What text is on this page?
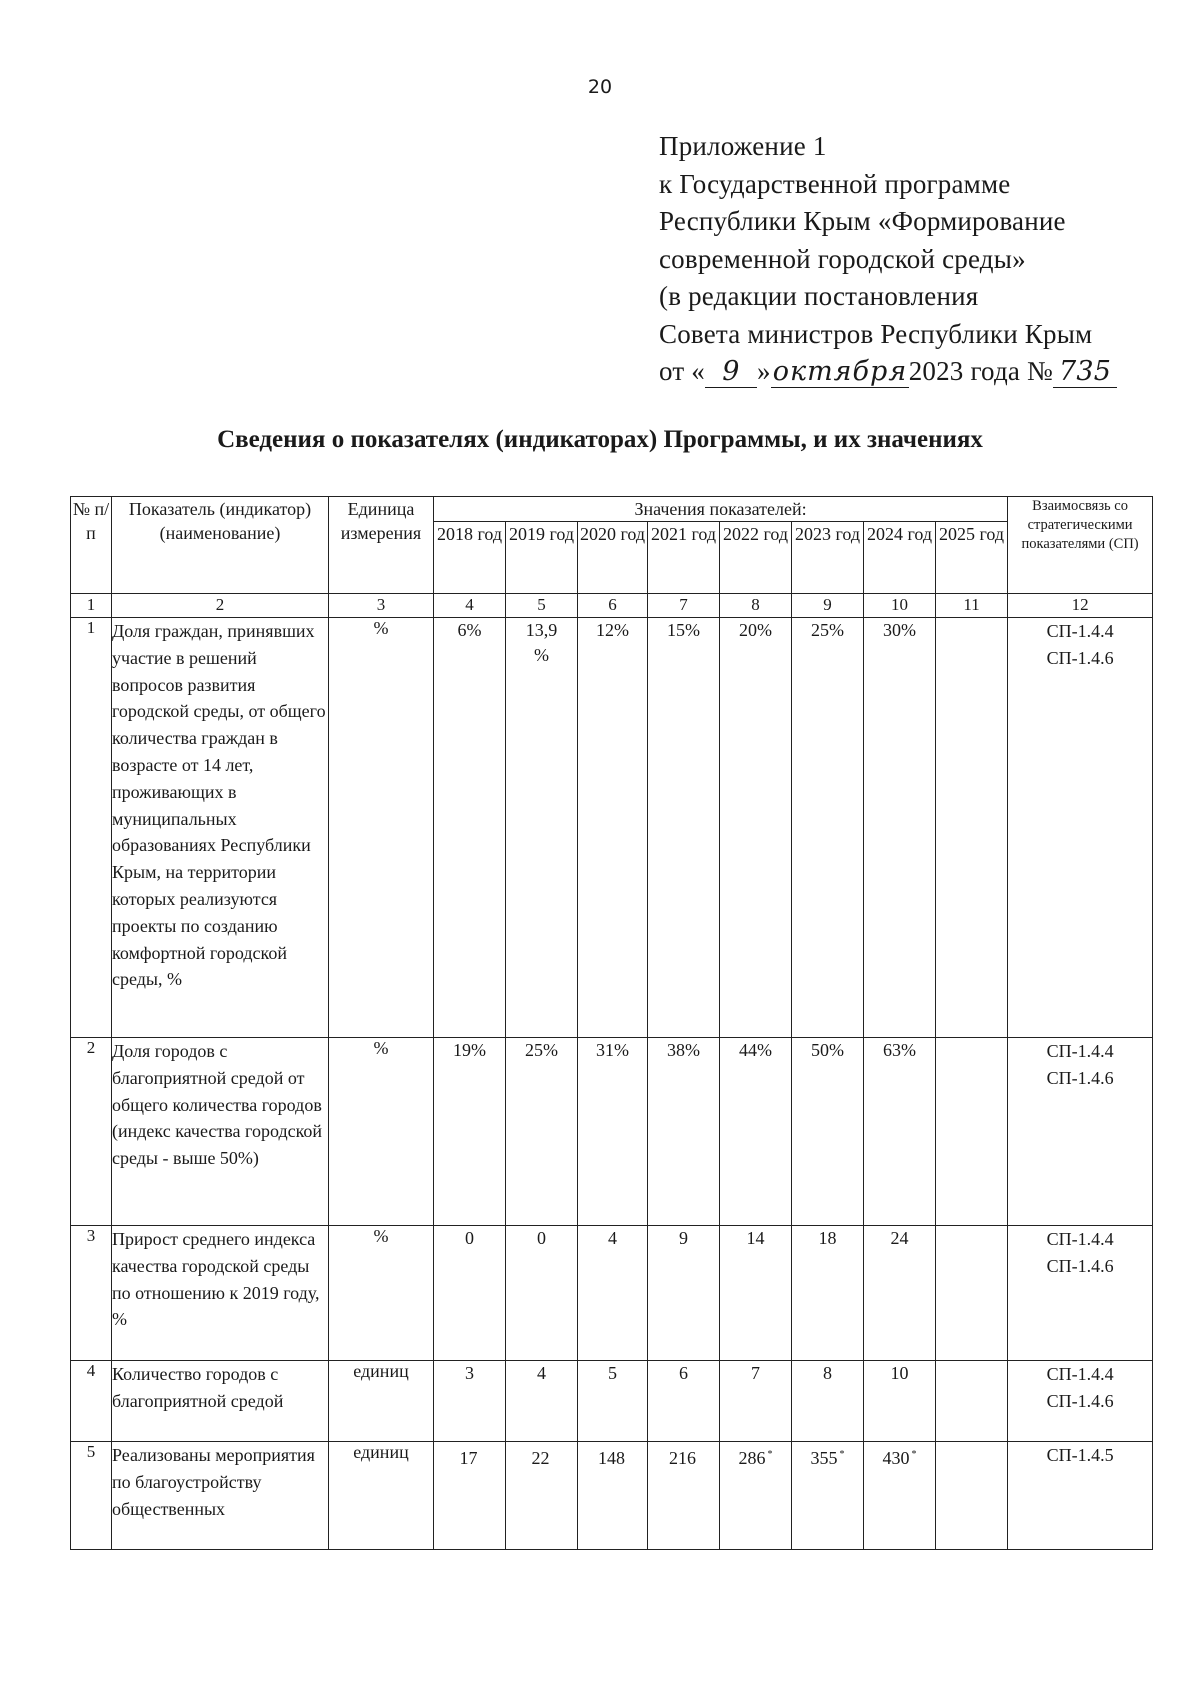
20
Приложение 1
к Государственной программе
Республики Крым «Формирование
современной городской среды»
(в редакции постановления
Совета министров Республики Крым
от « 9 »октября
2023 года № 735
Сведения о показателях (индикаторах) Программы, и их значениях
№ п/ п	Показатель (индикатор) (наименование)	Единица измерения	Значения показателей:								Взаимосвязь со стратегическими показателями (СП)
			2018 год	2019 год	2020 год	2021 год	2022 год	2023 год	2024 год	2025 год	
1	2	3	4	5	6	7	8	9	10	11	12
1	Доля граждан, принявших участие в решений вопросов развития городской среды, от общего количества граждан в возрасте от 14 лет, проживающих в муниципальных образованиях Республики Крым, на территории которых реализуются проекты по созданию комфортной городской среды, %	%	6%	13,9 %	12%	15%	20%	25%	30%		СП-1.4.4
СП-1.4.6

2	Доля городов с благоприятной средой от общего количества городов (индекс качества городской среды - выше 50%)	%	19%	25%	31%	38%	44%	50%	63%		СП-1.4.4
СП-1.4.6

3	Прирост среднего индекса качества городской среды по отношению к 2019 году, %	%	0	0	4	9	14	18	24		СП-1.4.4
СП-1.4.6

4	Количество городов с благоприятной средой	единиц	3	4	5	6	7	8	10		СП-1.4.4
СП-1.4.6

5	Реализованы мероприятия по благоустройству общественных	единиц	17	22	148	216	286 *	355 *	430 *		СП-1.4.5
